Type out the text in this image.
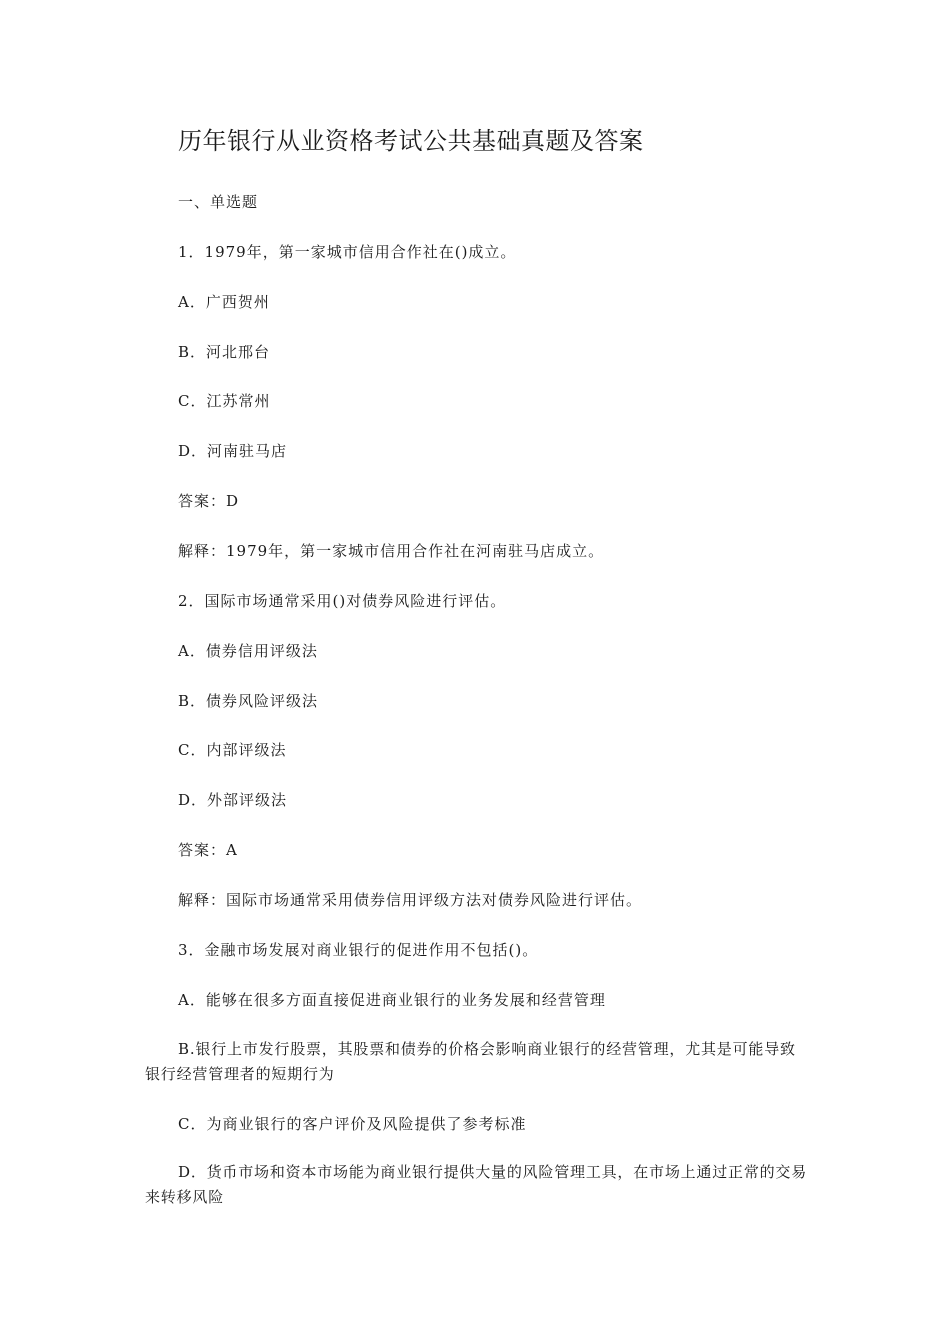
历年银行从业资格考试公共基础真题及答案
一、单选题
1．1979年，第一家城市信用合作社在()成立。
A．广西贺州
B．河北邢台
C．江苏常州
D．河南驻马店
答案：D
解释：1979年，第一家城市信用合作社在河南驻马店成立。
2．国际市场通常采用()对债券风险进行评估。
A．债券信用评级法
B．债券风险评级法
C．内部评级法
D．外部评级法
答案：A
解释：国际市场通常采用债券信用评级方法对债券风险进行评估。
3．金融市场发展对商业银行的促进作用不包括()。
A．能够在很多方面直接促进商业银行的业务发展和经营管理
B.银行上市发行股票，其股票和债券的价格会影响商业银行的经营管理，尤其是可能导致银行经营管理者的短期行为
C．为商业银行的客户评价及风险提供了参考标准
D．货币市场和资本市场能为商业银行提供大量的风险管理工具，在市场上通过正常的交易来转移风险
